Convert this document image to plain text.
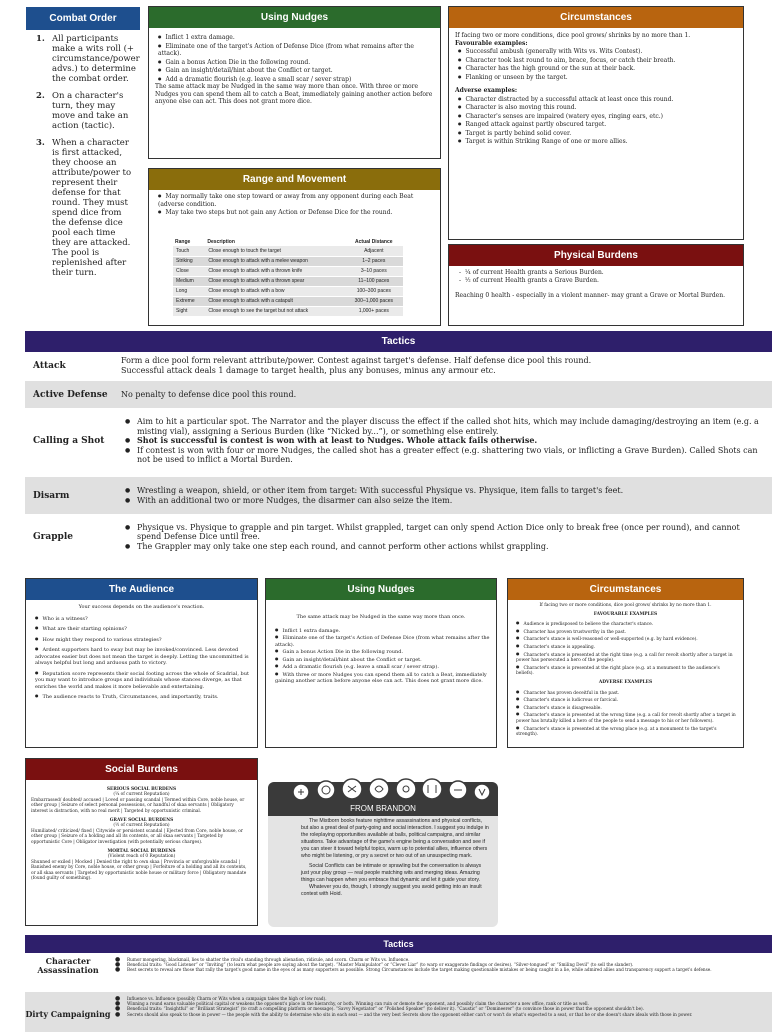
Combat Order
1. All participants make a wits roll (+ circumstance/power advs.) to determine the combat order.
2. On a character's turn, they may move and take an action (tactic).
3. When a character is first attacked, they choose an attribute/power to represent their defense for that round. They must spend dice from the defense dice pool each time they are attacked. The pool is replenished after their turn.
Using Nudges
● Inflict 1 extra damage.
● Eliminate one of the target's Action of Defense Dice (from what remains after the attack).
● Gain a bonus Action Die in the following round.
● Gain an insight/detail/hint about the Conflict or target.
● Add a dramatic flourish (e.g. leave a small scar / sever strap)

The same attack may be Nudged in the same way more than once. With three or more Nudges you can spend them all to catch a Beat, immediately gaining another action before anyone else can act. This does not grant more dice.

Circumstances

If facing two or more conditions, dice pool grows/ shrinks by no more than 1.

Favourable examples:

● Successful ambush (generally with Wits vs. Wits Contest).
● Character took last round to aim, brace, focus, or catch their breath.
● Character has the high ground or the sun at their back.
● Flanking or unseen by the target.

Adverse examples:

● Character distracted by a successful attack at least once this round.
● Character is also moving this round.
● Character's senses are impaired (watery eyes, ringing ears, etc.)
● Ranged attack against partly obscured target.
● Target is partly behind solid cover.
● Target is within Striking Range of one or more allies.
Range and Movement
● May normally take one step toward or away from any opponent during each Beat (adverse condition.
● May take two steps but not gain any Action or Defense Dice for the round.
Range	Description	Actual Distance
Touch	Close enough to touch the target	Adjacent
Striking	Close enough to attack with a melee weapon	1–2 paces
Close	Close enough to attack with a thrown knife	3–10 paces
Medium	Close enough to attack with a thrown spear	11–100 paces
Long	Close enough to attack with a bow	100–300 paces
Extreme	Close enough to attack with a catapult	300–1,000 paces
Sight	Close enough to see the target but not attack	1,000+ paces
Physical Burdens

-  ¼ of current Health grants a Serious Burden.

-  ½ of current Health grants a Grave Burden.

Reaching 0 health - especially in a violent manner- may grant a Grave or Mortal Burden.

Tactics
Attack	Form a dice pool form relevant attribute/power. Contest against target's defense. Half defense dice pool this round.

Successful attack deals 1 damage to target health, plus any bonuses, minus any armour etc.

Active Defense	No penalty to defense dice pool this round.
Calling a Shot
● Aim to hit a particular spot. The Narrator and the player discuss the effect if the called shot hits, which may include damaging/destroying an item (e.g. a misting vial), assigning a Serious Burden (like “Nicked by...”), or something else entirely.
● Shot is successful is contest is won with at least to Nudges. Whole attack fails otherwise.
● If contest is won with four or more Nudges, the called shot has a greater effect (e.g. shattering two vials, or inflicting a Grave Burden). Called Shots can not be used to inflict a Mortal Burden.
Disarm	● Wrestling a weapon, shield, or other item from target: With successful Physique vs. Physique, item falls to target's feet.
● With an additional two or more Nudges, the disarmer can also seize the item.
Grapple
● Physique vs. Physique to grapple and pin target. Whilst grappled, target can only spend Action Dice only to break free (once per round), and cannot spend Defense Dice until free.
● The Grappler may only take one step each round, and cannot perform other actions whilst grappling.
The Audience

Your success depends on the audience's reaction.

● Who is a witness?
● What are their starting opinions?
● How might they respond to various strategies?
● Ardent supporters hard to sway but may be invoked/convinced. Less devoted advocates easier but does not mean the target is deeply. Letting the uncommitted is always helpful but long and arduous path to victory.
● Reputation score represents their social footing across the whole of Scadrial, but you may want to introduce groups and individuals whose stances diverge, as that enriches the world and makes it more believable and entertaining.
● The audience reacts to Truth, Circumstances, and importantly, traits.
Using Nudges

The same attack may be Nudged in the same way more than once.

● Inflict 1 extra damage.
● Eliminate one of the target's Action of Defense Dice (from what remains after the attack).
● Gain a bonus Action Die in the following round.
● Gain an insight/detail/hint about the Conflict or target.
● Add a dramatic flourish (e.g. leave a small scar / sever strap).
● With three or more Nudges you can spend them all to catch a Beat, immediately gaining another action before anyone else can act. This does not grant more dice.
Circumstances

If facing two or more conditions, dice pool grows/ shrinks by no more than 1.

FAVOURABLE EXAMPLES

● Audience is predisposed to believe the character's stance.
● Character has proven trustworthy in the past.
● Character's stance is well-reasoned or well-supported (e.g. by hard evidence).
● Character's stance is appealing.
● Character's stance is presented at the right time (e.g. a call for revolt shortly after a target in power has persecuted a hero of the people).
● Character's stance is presented at the right place (e.g. at a monument to the audience's beliefs).

ADVERSE EXAMPLES

● Character has proven deceitful in the past.
● Character's stance is ludicrous or farcical.
● Character's stance is disagreeable.
● Character's stance is presented at the wrong time (e.g. a call for revolt shortly after a target in power has brutally killed a hero of the people to send a message to his or her followers).
● Character's stance is presented at the wrong place (e.g. at a monument to the target's strength).
Social Burdens

SERIOUS SOCIAL BURDENS

(¼ of current Reputation)

Embarrassed/ doubted/ accused | Loved or passing scandal | Termed within Core, noble house, or other group | Seizure of select personal possessions, or handful of skaa servants | Obligatory interest is distraction, with no real merit | Targeted by opportunistic criminal.

GRAVE SOCIAL BURDENS

(½ of current Reputation)

Humiliated/ criticized/ fixed | Citywide or persistent scandal | Ejected from Core, noble house, or other group | Seizure of a holding and all its contents, or all skaa servants | Targeted by opportunistic Core | Obligator investigation (with potentially serious charges).

MORTAL SOCIAL BURDENS

(Violent reach of 0 Reputation)

Shunned or exiled | Mocked | Denied the right to own skaa | Provincia or unforgivable scandal | Banished enemy by Core, noble house, or other group | Forfeiture of a holding and all its contents, or all skaa servants | Targeted by opportunistic noble house or military force | Obligatory mandate (found guilty of something).

FROM BRANDON

The Mistborn books feature nighttime assassinations and physical conflicts, but also a great deal of party-going and social interaction. I suggest you indulge in the roleplaying opportunities available at balls, political campaigns, and similar situations. Take advantage of the game's engine being a conversation and see if you can steer it toward helpful topics, warm up to potential allies, influence others who might be listening, or pry a secret or two out of an unsuspecting mark.

Social Conflicts can be intimate or sprawling but the conversation is always just your play group — real people matching wits and merging ideas. Amazing things can happen when you embrace that dynamic and let it guide your story.

Whatever you do, though, I strongly suggest you avoid getting into an insult contest with Hoid.

Tactics
Character Assassination
● Rumor mongering, blackmail, lies to shatter the rival's standing through alienation, ridicule, and scorn. Charm or Wits vs. Influence.
● Beneficial traits: “Good Listener” or “Inviting” (to learn what people are saying about the target). “Master Manipulator” or “Clever Liar” (to warp or exaggerate findings or desires). “Silver-tongued” or “Smiling Devil” (to sell the slander).
● Best secrets to reveal are those that rally the target's good name in the eyes of as many supporters as possible. Strong Circumstances include the target making questionable mistakes or being caught in a lie, while admired allies and transparency support a target's defense.
Dirty Campaigning
● Influence vs. Influence (possibly Charm or Wits when a campaign takes the high or low road).
● Winning a round earns valuable political capital or weakens the opponent's place in the hierarchy, or both. Winning can ruin or demote the opponent, and possibly claim the character a new office, rank or title as well.
● Beneficial traits: “Insightful” or “Brilliant Strategist” (to craft a compelling platform or message). “Savvy Negotiator” or “Polished Speaker” (to deliver it). “Caustic” or “Domineerer” (to convince those in power that the opponent shouldn't be).
● Secrets should also speak to those in power — the people with the ability to determine who sits in each seat — and the very best Secrets show the opponent either can't or won't do what's expected to a seat, or that he or she doesn't share ideals with those in power.
